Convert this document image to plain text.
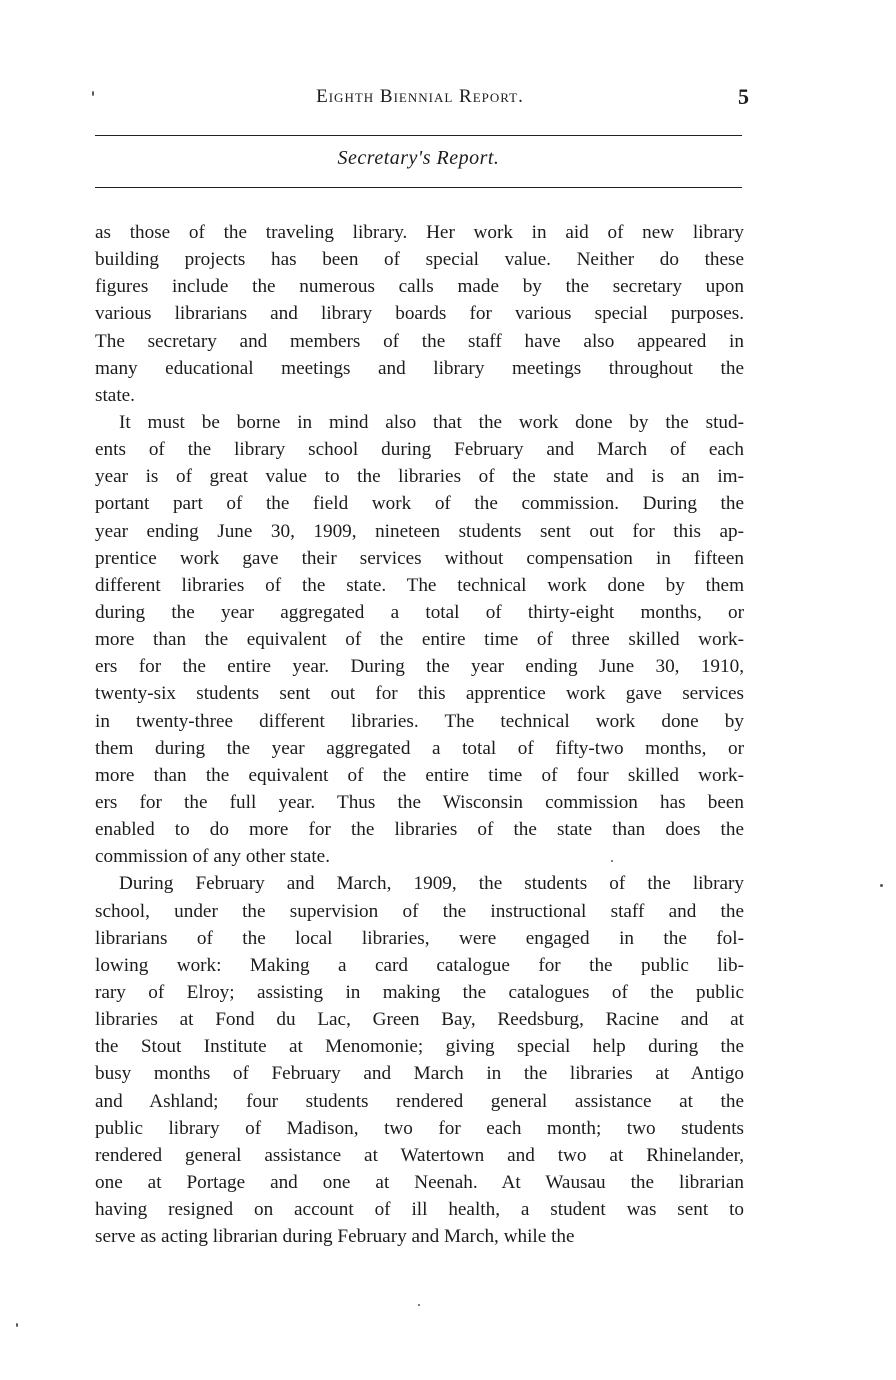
Eighth Biennial Report.	5
Secretary's Report.
as those of the traveling library. Her work in aid of new library
building projects has been of special value. Neither do these
figures include the numerous calls made by the secretary upon
various librarians and library boards for various special purposes.
The secretary and members of the staff have also appeared in
many educational meetings and library meetings throughout the
state.
It must be borne in mind also that the work done by the stud-
ents of the library school during February and March of each
year is of great value to the libraries of the state and is an im-
portant part of the field work of the commission. During the
year ending June 30, 1909, nineteen students sent out for this ap-
prentice work gave their services without compensation in fifteen
different libraries of the state. The technical work done by them
during the year aggregated a total of thirty-eight months, or
more than the equivalent of the entire time of three skilled work-
ers for the entire year. During the year ending June 30, 1910,
twenty-six students sent out for this apprentice work gave services
in twenty-three different libraries. The technical work done by
them during the year aggregated a total of fifty-two months, or
more than the equivalent of the entire time of four skilled work-
ers for the full year. Thus the Wisconsin commission has been
enabled to do more for the libraries of the state than does the
commission of any other state.
During February and March, 1909, the students of the library
school, under the supervision of the instructional staff and the
librarians of the local libraries, were engaged in the fol-
lowing work: Making a card catalogue for the public lib-
rary of Elroy; assisting in making the catalogues of the public
libraries at Fond du Lac, Green Bay, Reedsburg, Racine and at
the Stout Institute at Menomonie; giving special help during the
busy months of February and March in the libraries at Antigo
and Ashland; four students rendered general assistance at the
public library of Madison, two for each month; two students
rendered general assistance at Watertown and two at Rhinelander,
one at Portage and one at Neenah. At Wausau the librarian
having resigned on account of ill health, a student was sent to
serve as acting librarian during February and March, while the
